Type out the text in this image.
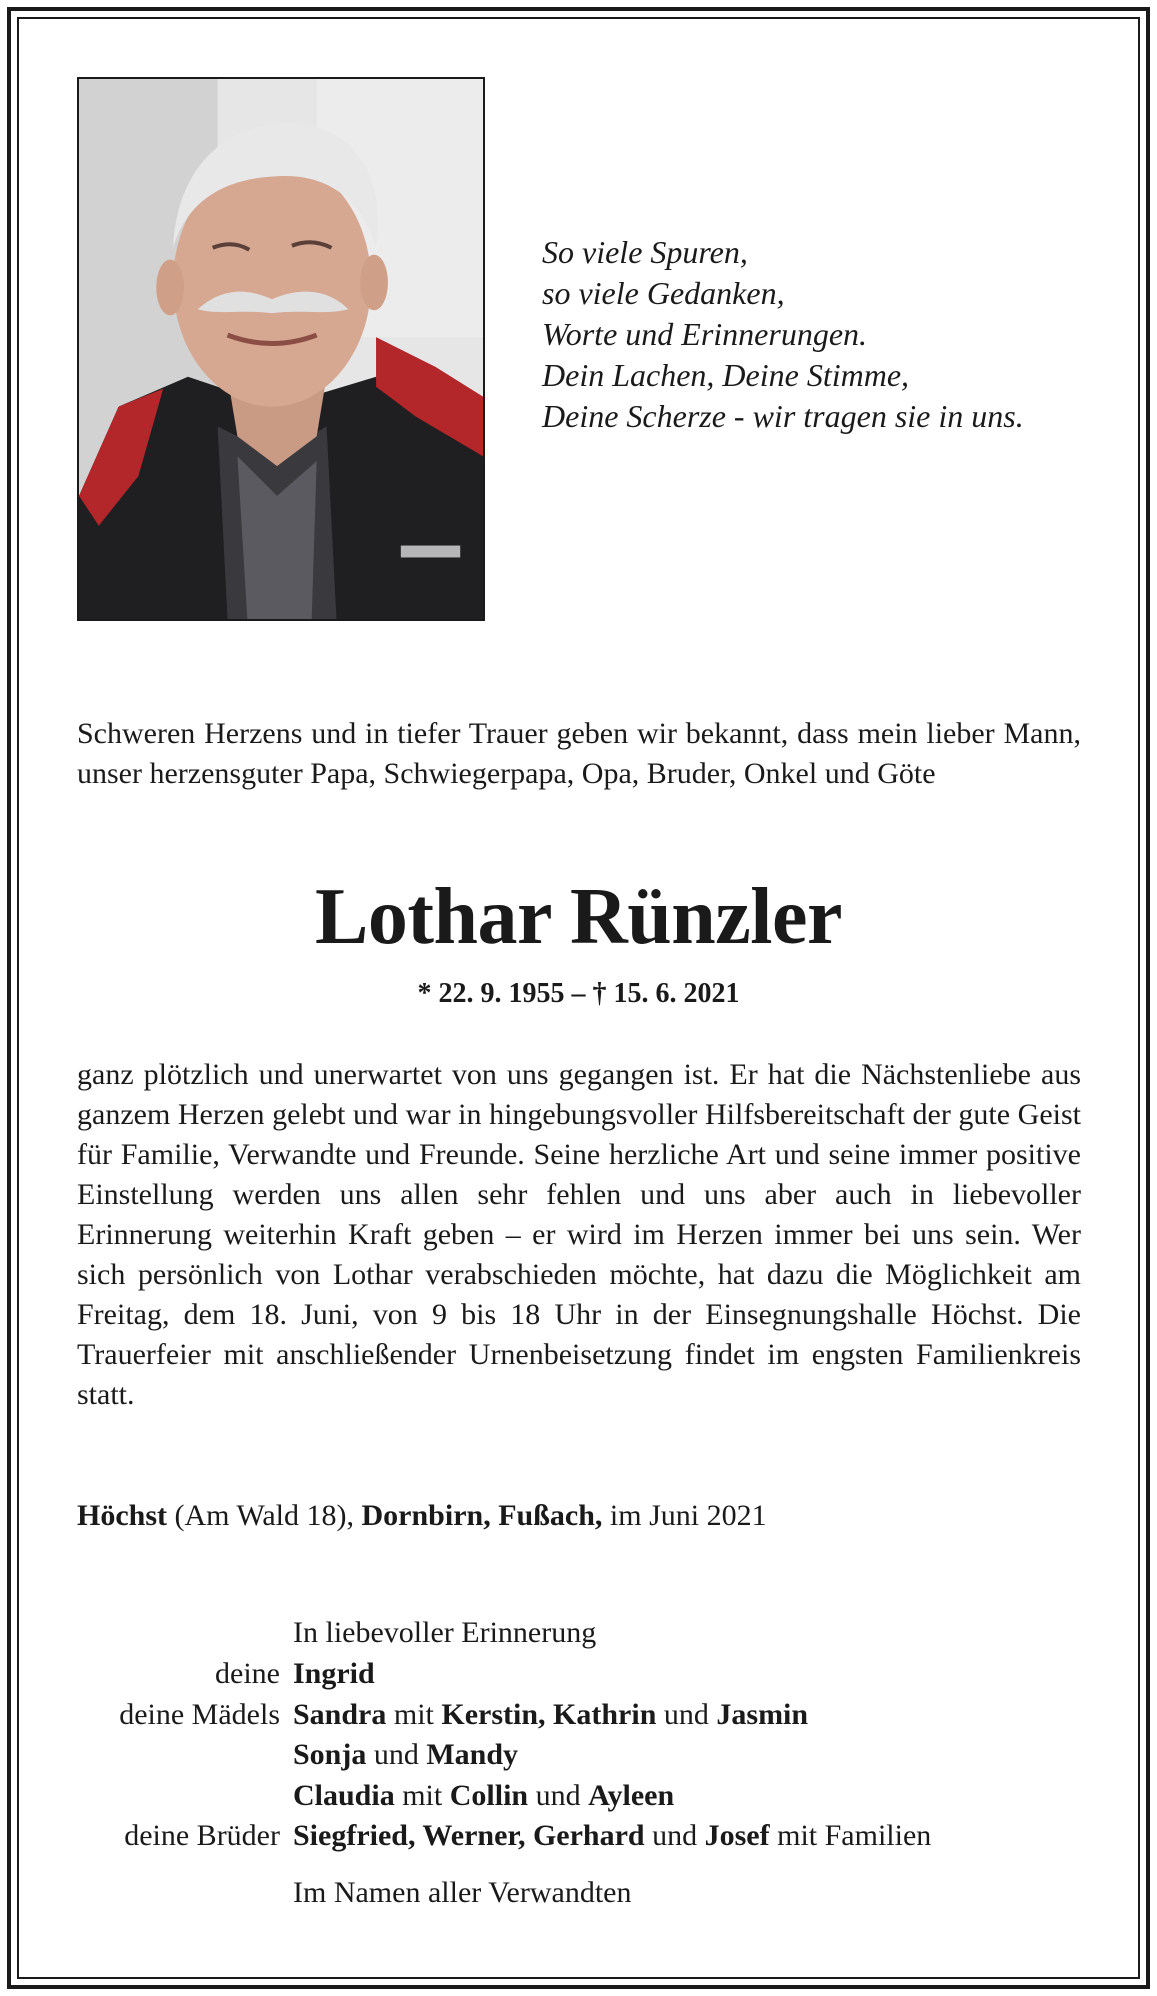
So viele Spuren,
so viele Gedanken,
Worte und Erinnerungen.
Dein Lachen, Deine Stimme,
Deine Scherze - wir tragen sie in uns.
Schweren Herzens und in tiefer Trauer geben wir bekannt, dass mein lieber Mann, unser herzensguter Papa, Schwiegerpapa, Opa, Bruder, Onkel und Göte
Lothar Rünzler
* 22. 9. 1955 – † 15. 6. 2021
ganz plötzlich und unerwartet von uns gegangen ist. Er hat die Nächstenliebe aus ganzem Herzen gelebt und war in hingebungsvoller Hilfsbereitschaft der gute Geist für Familie, Verwandte und Freunde. Seine herzliche Art und seine immer positive Einstellung werden uns allen sehr fehlen und uns aber auch in liebevoller Erinnerung weiterhin Kraft geben – er wird im Herzen immer bei uns sein. Wer sich persönlich von Lothar verabschieden möchte, hat dazu die Möglichkeit am Freitag, dem 18. Juni, von 9 bis 18 Uhr in der Einsegnungshalle Höchst. Die Trauerfeier mit anschließender Urnenbeisetzung findet im engsten Familienkreis statt.
Höchst (Am Wald 18), Dornbirn, Fußach, im Juni 2021
In liebevoller Erinnerung
deine Ingrid
deine Mädels Sandra mit Kerstin, Kathrin und Jasmin
Sonja und Mandy
Claudia mit Collin und Ayleen
deine Brüder Siegfried, Werner, Gerhard und Josef mit Familien
Im Namen aller Verwandten
